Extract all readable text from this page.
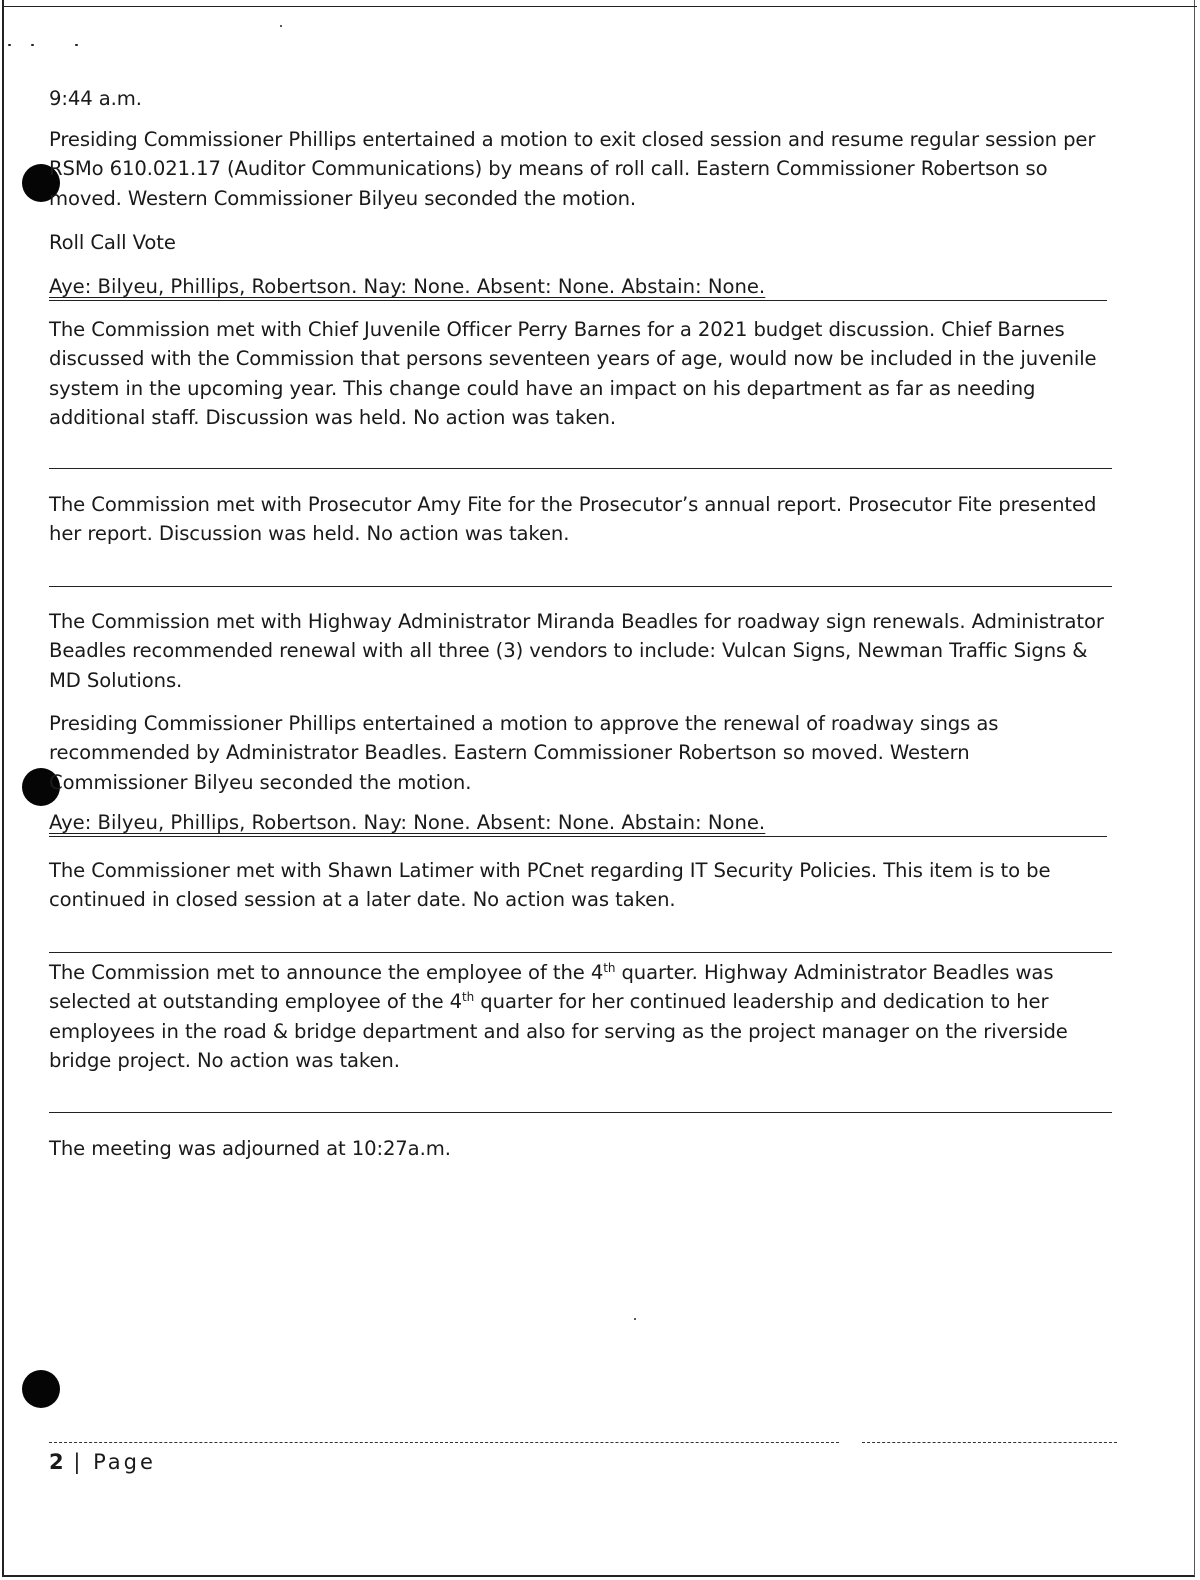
9:44 a.m.

Presiding Commissioner Phillips entertained a motion to exit closed session and resume regular session per RSMo 610.021.17 (Auditor Communications) by means of roll call. Eastern Commissioner Robertson so moved. Western Commissioner Bilyeu seconded the motion.

Roll Call Vote

Aye: Bilyeu, Phillips, Robertson. Nay: None. Absent: None. Abstain: None.

The Commission met with Chief Juvenile Officer Perry Barnes for a 2021 budget discussion. Chief Barnes discussed with the Commission that persons seventeen years of age, would now be included in the juvenile system in the upcoming year. This change could have an impact on his department as far as needing additional staff. Discussion was held. No action was taken.

The Commission met with Prosecutor Amy Fite for the Prosecutor’s annual report. Prosecutor Fite presented her report. Discussion was held. No action was taken.

The Commission met with Highway Administrator Miranda Beadles for roadway sign renewals. Administrator Beadles recommended renewal with all three (3) vendors to include: Vulcan Signs, Newman Traffic Signs & MD Solutions.

Presiding Commissioner Phillips entertained a motion to approve the renewal of roadway sings as recommended by Administrator Beadles. Eastern Commissioner Robertson so moved. Western Commissioner Bilyeu seconded the motion.

Aye: Bilyeu, Phillips, Robertson. Nay: None. Absent: None. Abstain: None.

The Commissioner met with Shawn Latimer with PCnet regarding IT Security Policies. This item is to be continued in closed session at a later date. No action was taken.

The Commission met to announce the employee of the 4th quarter. Highway Administrator Beadles was selected at outstanding employee of the 4th quarter for her continued leadership and dedication to her employees in the road & bridge department and also for serving as the project manager on the riverside bridge project. No action was taken.

The meeting was adjourned at 10:27a.m.

2 | Page
